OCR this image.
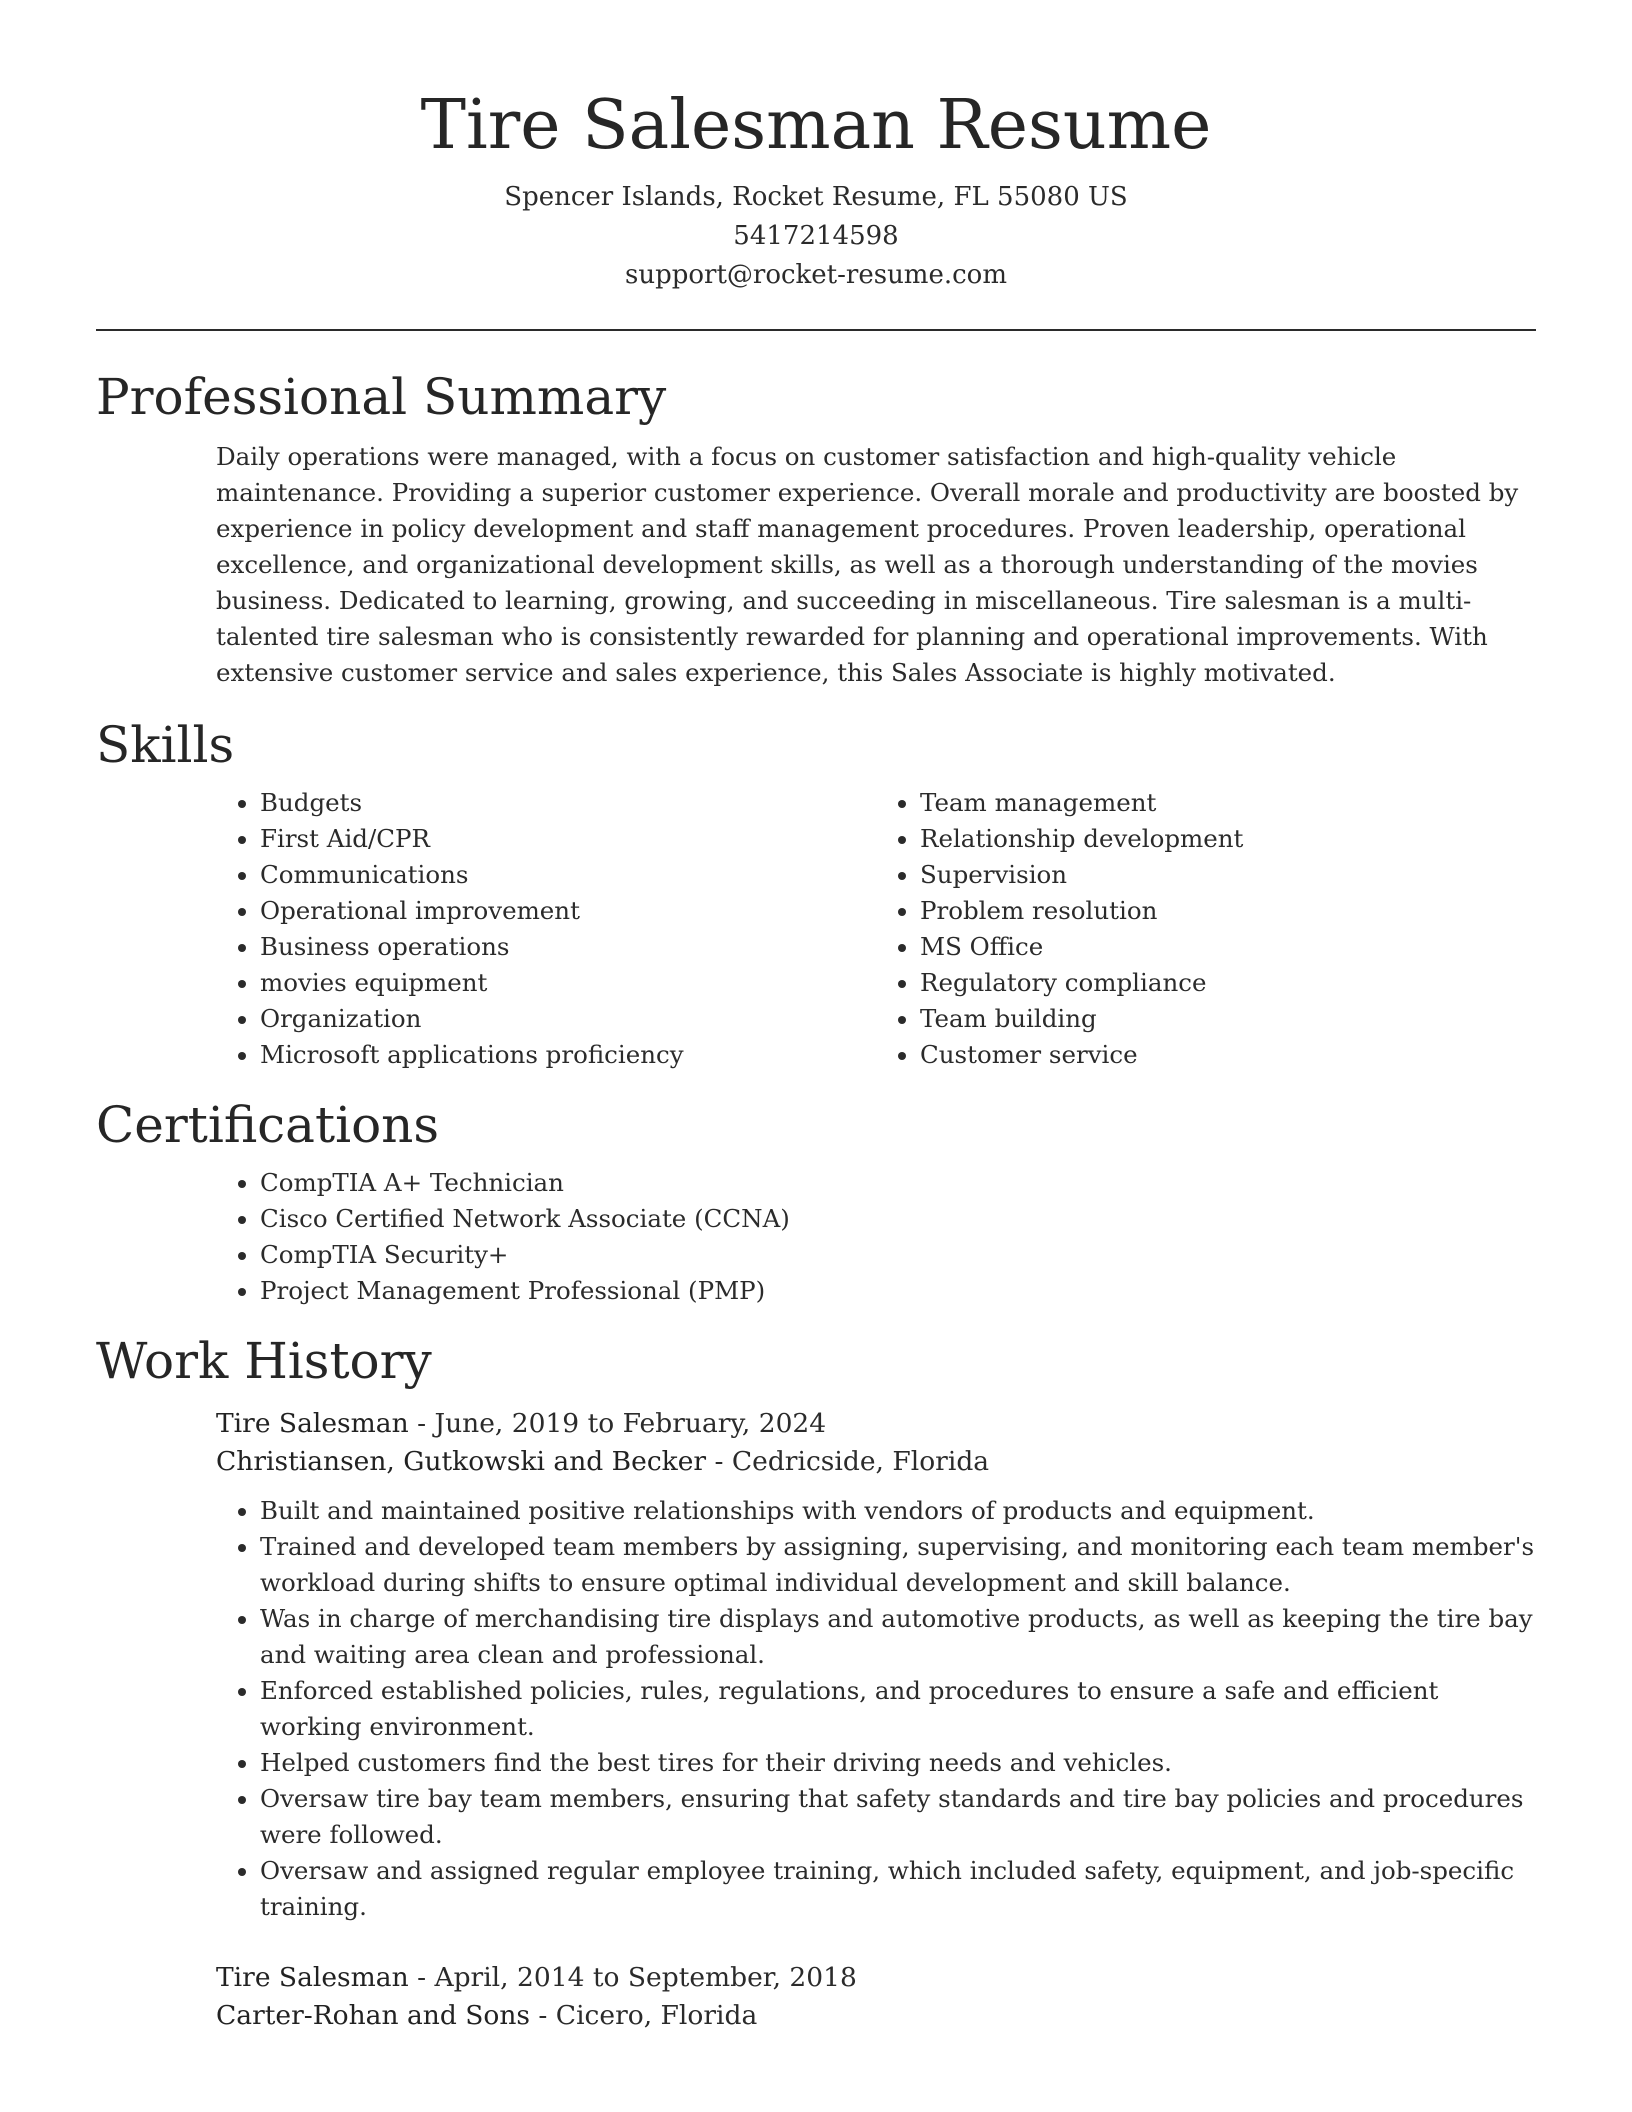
Tire Salesman Resume
Spencer Islands, Rocket Resume, FL 55080 US
5417214598
support@rocket-resume.com
Professional Summary

Daily operations were managed, with a focus on customer satisfaction and high-quality vehicle maintenance. Providing a superior customer experience. Overall morale and productivity are boosted by experience in policy development and staff management procedures. Proven leadership, operational excellence, and organizational development skills, as well as a thorough understanding of the movies business. Dedicated to learning, growing, and succeeding in miscellaneous. Tire salesman is a multi-talented tire salesman who is consistently rewarded for planning and operational improvements. With extensive customer service and sales experience, this Sales Associate is highly motivated.

Skills
• Budgets
• First Aid/CPR
• Communications
• Operational improvement
• Business operations
• movies equipment
• Organization
• Microsoft applications proficiency
• Team management
• Relationship development
• Supervision
• Problem resolution
• MS Office
• Regulatory compliance
• Team building
• Customer service
Certifications
• CompTIA A+ Technician
• Cisco Certified Network Associate (CCNA)
• CompTIA Security+
• Project Management Professional (PMP)
Work History
Tire Salesman - June, 2019 to February, 2024
Christiansen, Gutkowski and Becker - Cedricside, Florida
• Built and maintained positive relationships with vendors of products and equipment.
• Trained and developed team members by assigning, supervising, and monitoring each team member's workload during shifts to ensure optimal individual development and skill balance.
• Was in charge of merchandising tire displays and automotive products, as well as keeping the tire bay and waiting area clean and professional.
• Enforced established policies, rules, regulations, and procedures to ensure a safe and efficient working environment.
• Helped customers find the best tires for their driving needs and vehicles.
• Oversaw tire bay team members, ensuring that safety standards and tire bay policies and procedures were followed.
• Oversaw and assigned regular employee training, which included safety, equipment, and job-specific training.
Tire Salesman - April, 2014 to September, 2018
Carter-Rohan and Sons - Cicero, Florida
